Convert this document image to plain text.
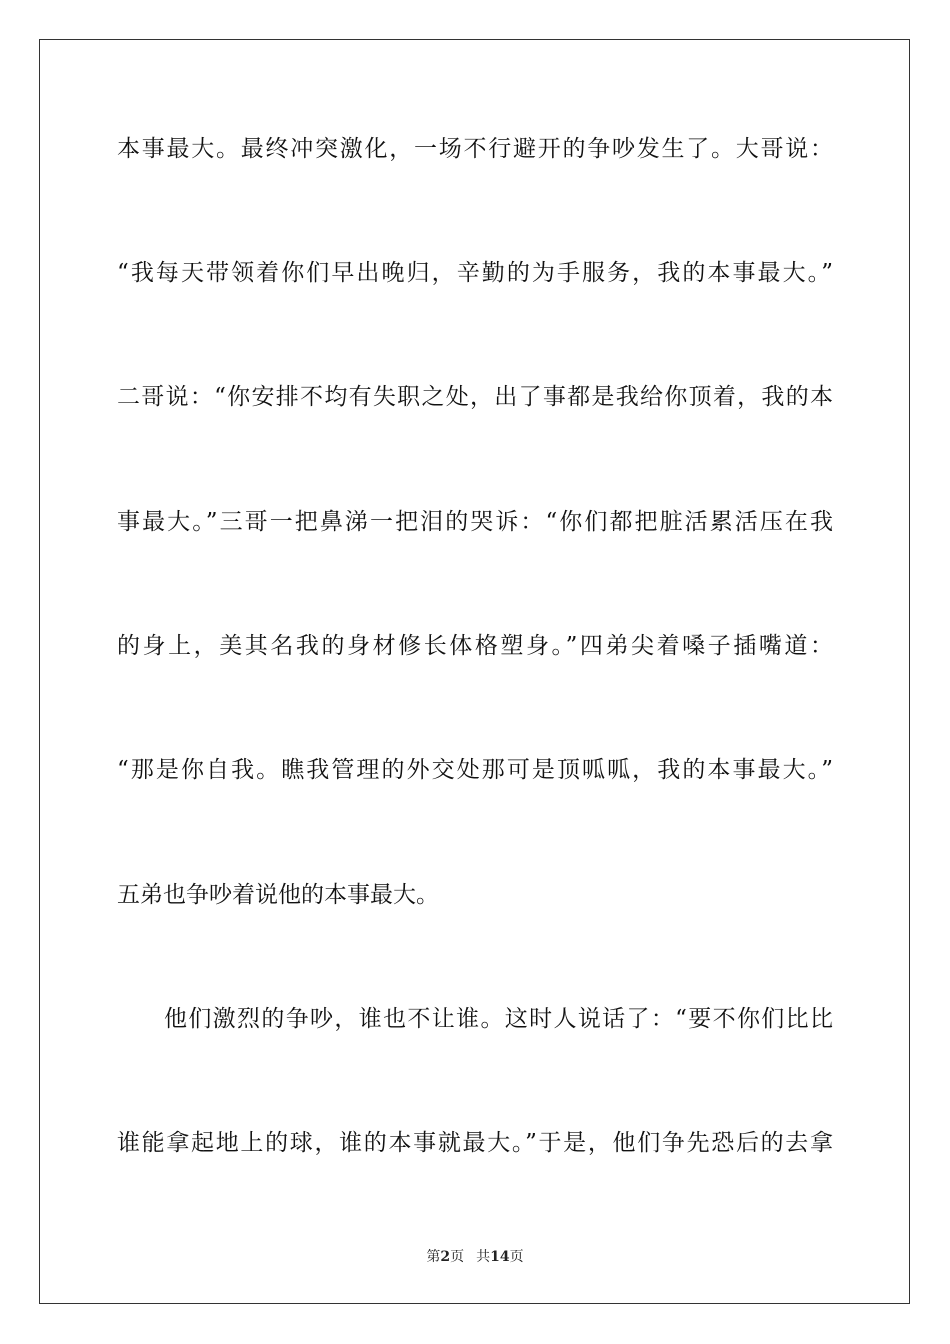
本事最大。最终冲突激化，一场不行避开的争吵发生了。大哥说：
“我每天带领着你们早出晚归，辛勤的为手服务，我的本事最大。”
二哥说：“你安排不均有失职之处，出了事都是我给你顶着，我的本
事最大。”三哥一把鼻涕一把泪的哭诉：“你们都把脏活累活压在我
的身上，美其名我的身材修长体格塑身。”四弟尖着嗓子插嘴道：
“那是你自我。瞧我管理的外交处那可是顶呱呱，我的本事最大。”
五弟也争吵着说他的本事最大。
他们激烈的争吵，谁也不让谁。这时人说话了：“要不你们比比
谁能拿起地上的球，谁的本事就最大。”于是，他们争先恐后的去拿
第2页 共14页
